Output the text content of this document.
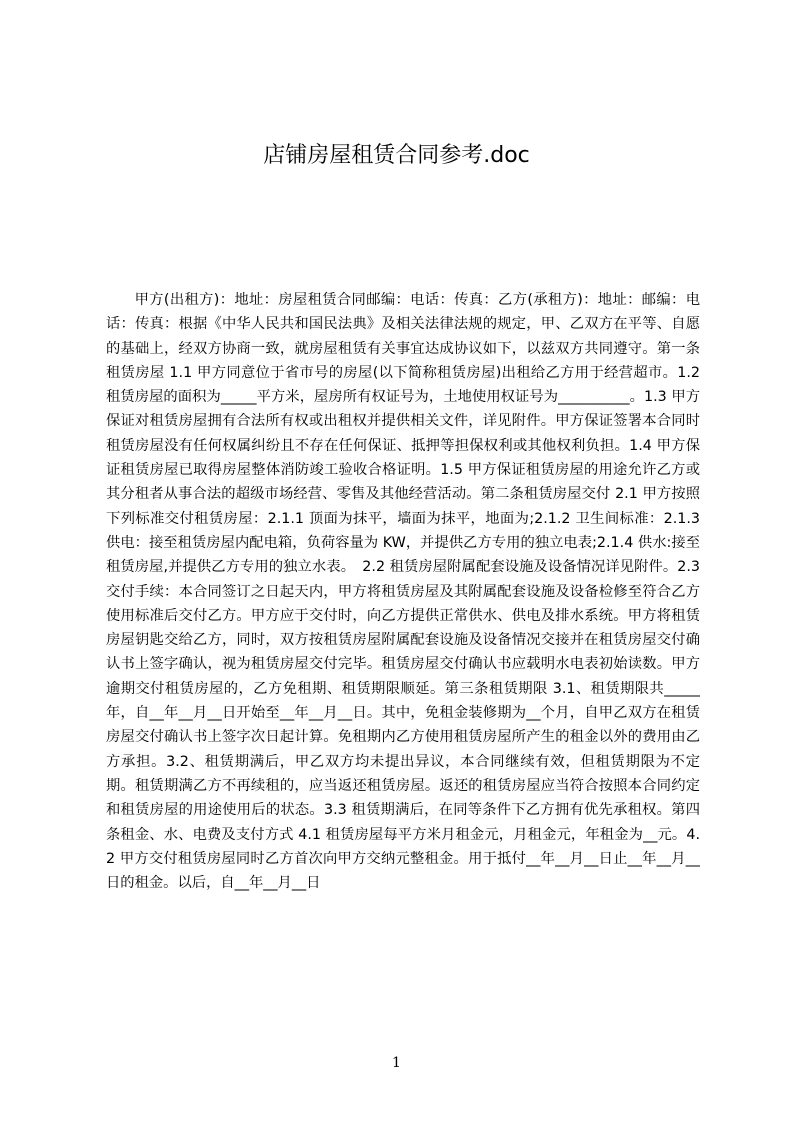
店铺房屋租赁合同参考.doc

甲方(出租方)：地址：房屋租赁合同邮编：电话：传真：乙方(承租方)：地址：邮编：电话：传真：根据《中华人民共和国民法典》及相关法律法规的规定，甲、乙双方在平等、自愿的基础上，经双方协商一致，就房屋租赁有关事宜达成协议如下，以兹双方共同遵守。第一条租赁房屋 1.1 甲方同意位于省市号的房屋(以下简称租赁房屋)出租给乙方用于经营超市。1.2 租赁房屋的面积为_____平方米，屋房所有权证号为，土地使用权证号为__________。1.3 甲方保证对租赁房屋拥有合法所有权或出租权并提供相关文件，详见附件。甲方保证签署本合同时租赁房屋没有任何权属纠纷且不存在任何保证、抵押等担保权利或其他权利负担。1.4 甲方保证租赁房屋已取得房屋整体消防竣工验收合格证明。1.5 甲方保证租赁房屋的用途允许乙方或其分租者从事合法的超级市场经营、零售及其他经营活动。第二条租赁房屋交付 2.1 甲方按照下列标准交付租赁房屋：2.1.1 顶面为抹平，墙面为抹平，地面为;2.1.2 卫生间标准：2.1.3 供电：接至租赁房屋内配电箱，负荷容量为 KW，并提供乙方专用的独立电表;2.1.4 供水:接至租赁房屋,并提供乙方专用的独立水表。　2.2 租赁房屋附属配套设施及设备情况详见附件。2.3 交付手续：本合同签订之日起天内，甲方将租赁房屋及其附属配套设施及设备检修至符合乙方使用标准后交付乙方。甲方应于交付时，向乙方提供正常供水、供电及排水系统。甲方将租赁房屋钥匙交给乙方，同时，双方按租赁房屋附属配套设施及设备情况交接并在租赁房屋交付确认书上签字确认，视为租赁房屋交付完毕。租赁房屋交付确认书应载明水电表初始读数。甲方逾期交付租赁房屋的，乙方免租期、租赁期限顺延。第三条租赁期限 3.1、租赁期限共_____年，自__年__月__日开始至__年__月__日。其中，免租金装修期为__个月，自甲乙双方在租赁房屋交付确认书上签字次日起计算。免租期内乙方使用租赁房屋所产生的租金以外的费用由乙方承担。3.2、租赁期满后，甲乙双方均未提出异议，本合同继续有效，但租赁期限为不定期。租赁期满乙方不再续租的，应当返还租赁房屋。返还的租赁房屋应当符合按照本合同约定和租赁房屋的用途使用后的状态。3.3 租赁期满后，在同等条件下乙方拥有优先承租权。第四条租金、水、电费及支付方式 4.1 租赁房屋每平方米月租金元，月租金元，年租金为__元。4.2 甲方交付租赁房屋同时乙方首次向甲方交纳元整租金。用于抵付__年__月__日止__年__月__日的租金。以后，自__年__月__日

1
